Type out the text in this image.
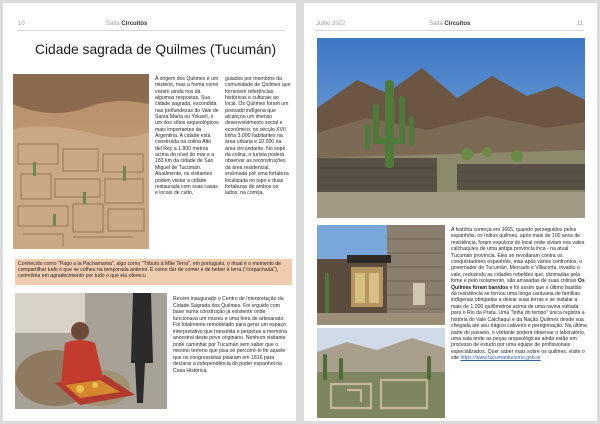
10	Salta Circuitos
Cidade sagrada de Quilmes (Tucumán)
A origem dos Quilmes é um mistério, mas a forma como viviam ainda nos dá algumas respostas. Sua cidade sagrada, escondida nas profundezas do Vale de Santa María ou Yokavil, é um dos sítios arqueológicos mais importantes da Argentina. A cidade está construída na colina Alto del Rey a 1.800 metros acima do nível do mar e a 183 km da cidade de San Miguel de Tucumán. Atualmente, os visitantes podem visitar a cidade restaurada com suas casas e locais de culto,
guiados por membros da comunidade de Quilmes que fornecem referências históricas e culturais ao local. Os Quilmes foram um povoado indígena que alcançou um imenso desenvolvimento social e econômico; no século XVII tinha 3.000 habitantes na área urbana e 10.000 na área circundante. No sopé da colina, o turista poderá observar as reconstruções da área residencial, encimada por uma fortaleza localizada no topo e duas fortalezas de ambos os lados, na cornija.
Conhecido como "Pago a la Pachamama", algo como "Tributo à Mãe Terra", em português, o ritual é o momento de compartilhar tudo o que se colheu na temporada anterior. É como dar de comer e de beber à terra ("corpachada"), cerimônia em agradecimento por tudo o que ela oferecu
Recém inaugurado o Centro de Interpretação da Cidade Sagrada dos Quilmes. Foi erguido com base numa construção já existente onde funcionava um museu e uma feira de artesanato. Foi totalmente remodelado para gerar um espaço interpretativo que transmita e perpetue a memória ancestral deste povo originário. Nenhum visitante pode caminhar por Tucumán sem saber que o mesmo terreno que pisa se percorrê-lo foi aquele que os congressistas pisaram em 1816 para declarar a independência do poder espanhol na Casa Histórica.
Julho 2022	Salta Circuitos	11
A história começa em 1665, quando perseguidos pelos espanhóis, os índios quilmes, após mais de 100 anos de resistência, foram expulsos do local onde viviam nos vales calchaquíes de uma antiga província inca - na atual Tucumán província. Eles se revoltaram contra os conquistadores espanhóis, mas após vários confrontos, o governador de Tucumán, Mercado e Villacorta, invadiu o vale, reduzindo as cidades rebeldes que, dizimadas pela fome e pelo isolamento, são arrasadas de suas colinas Os Quilmes foram banidos e foi assim que o último bastião da resistência se tornou uma longa caravana de famílias indígenas obrigadas a deixar suas terras e se instalar a mais de 1.000 quilômetros acima de uma ravina voltada para o Rio da Prata. Uma "linha do tempo" única registra a história do Vale Calchaquí e da Nação Quilmes desde sua chegada até seu trágico cativeiro e peregrinação. Na última parte do passeio, o visitante poderá observar o laboratório, uma sala onde as peças arqueológicas ainda estão em processo de estudo por uma equipe de profissionais especializados. Quer saber mais sobre os quilmes, visite o site https://www.tucumanturismo.gob.ar
